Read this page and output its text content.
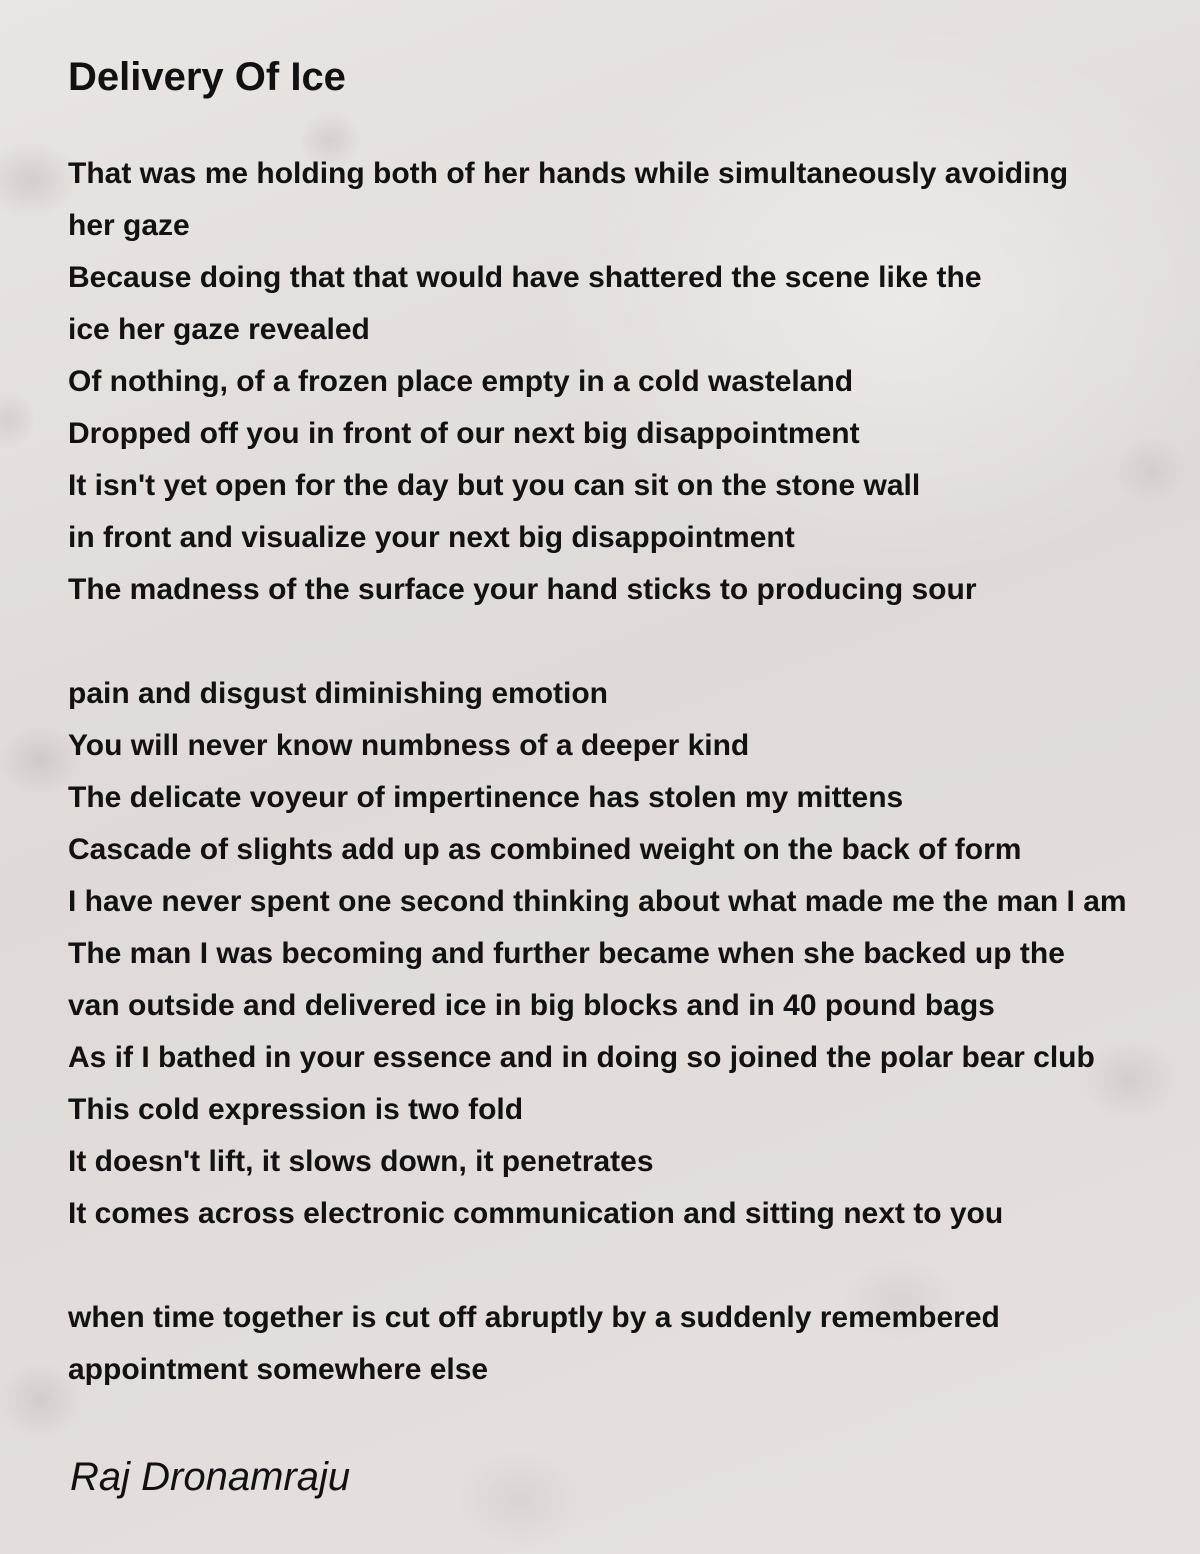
Delivery Of Ice
That was me holding both of her hands while simultaneously avoiding
her gaze
Because doing that that would have shattered the scene like the
ice her gaze revealed
Of nothing, of a frozen place empty in a cold wasteland
Dropped off you in front of our next big disappointment
It isn't yet open for the day but you can sit on the stone wall
in front and visualize your next big disappointment
The madness of the surface your hand sticks to producing sour
pain and disgust diminishing emotion
You will never know numbness of a deeper kind
The delicate voyeur of impertinence has stolen my mittens
Cascade of slights add up as combined weight on the back of form
I have never spent one second thinking about what made me the man I am
The man I was becoming and further became when she backed up the
van outside and delivered ice in big blocks and in 40 pound bags
As if I bathed in your essence and in doing so joined the polar bear club
This cold expression is two fold
It doesn't lift, it slows down, it penetrates
It comes across electronic communication and sitting next to you
when time together is cut off abruptly by a suddenly remembered
appointment somewhere else

Raj Dronamraju
